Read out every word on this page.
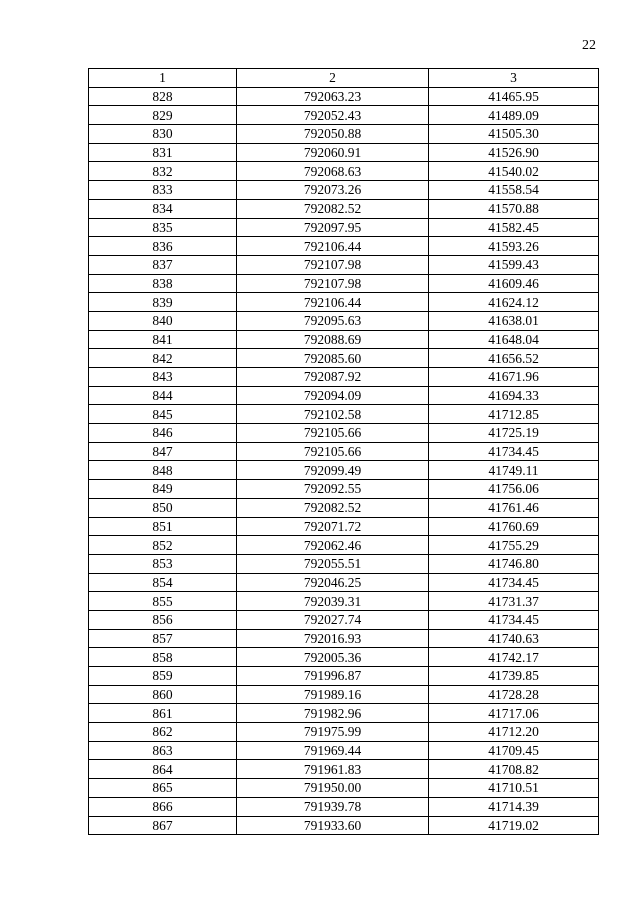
22
1	2	3
828	792063.23	41465.95
829	792052.43	41489.09
830	792050.88	41505.30
831	792060.91	41526.90
832	792068.63	41540.02
833	792073.26	41558.54
834	792082.52	41570.88
835	792097.95	41582.45
836	792106.44	41593.26
837	792107.98	41599.43
838	792107.98	41609.46
839	792106.44	41624.12
840	792095.63	41638.01
841	792088.69	41648.04
842	792085.60	41656.52
843	792087.92	41671.96
844	792094.09	41694.33
845	792102.58	41712.85
846	792105.66	41725.19
847	792105.66	41734.45
848	792099.49	41749.11
849	792092.55	41756.06
850	792082.52	41761.46
851	792071.72	41760.69
852	792062.46	41755.29
853	792055.51	41746.80
854	792046.25	41734.45
855	792039.31	41731.37
856	792027.74	41734.45
857	792016.93	41740.63
858	792005.36	41742.17
859	791996.87	41739.85
860	791989.16	41728.28
861	791982.96	41717.06
862	791975.99	41712.20
863	791969.44	41709.45
864	791961.83	41708.82
865	791950.00	41710.51
866	791939.78	41714.39
867	791933.60	41719.02
